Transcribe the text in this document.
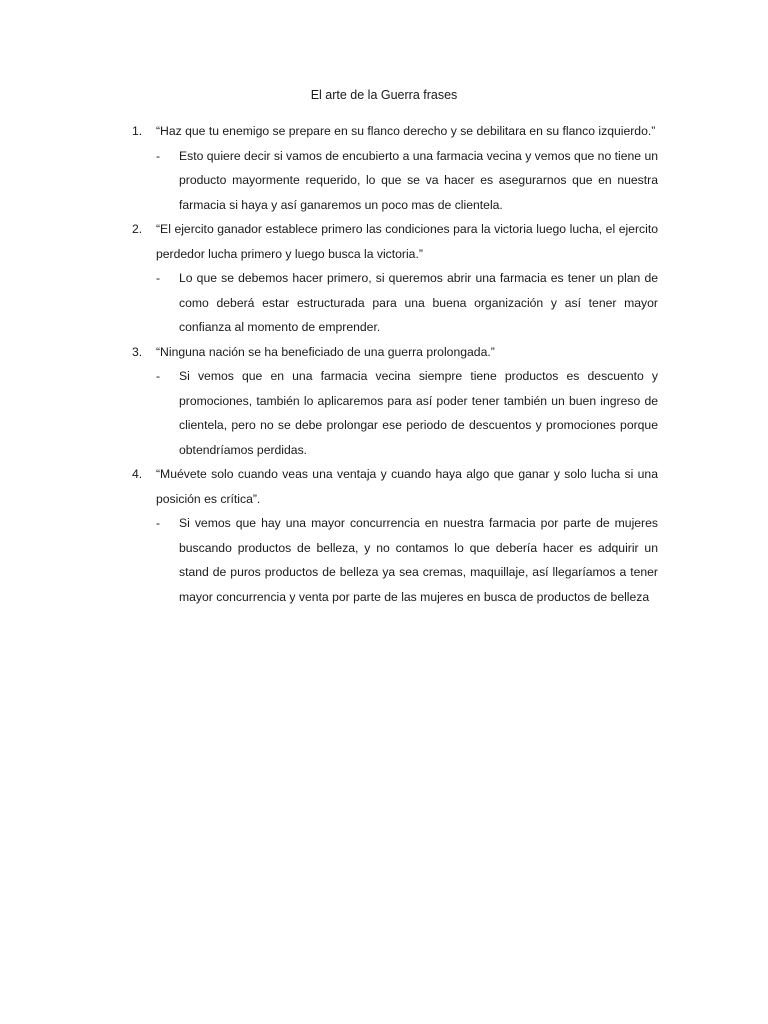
El arte de la Guerra frases
1.	“Haz que tu enemigo se prepare en su flanco derecho y se debilitara en su flanco izquierdo.”

-	Esto quiere decir si vamos de encubierto a una farmacia vecina y vemos que no tiene un producto mayormente requerido, lo que se va hacer es asegurarnos que en nuestra farmacia si haya y así ganaremos un poco mas de clientela.

2.	“El ejercito ganador establece primero las condiciones para la victoria luego lucha, el ejercito perdedor lucha primero y luego busca la victoria.”

-	Lo que se debemos hacer primero, si queremos abrir una farmacia es tener un plan de como deberá estar estructurada para una buena organización y así tener mayor confianza al momento de emprender.

3.	“Ninguna nación se ha beneficiado de una guerra prolongada.”

-	Si vemos que en una farmacia vecina siempre tiene productos es descuento y promociones, también lo aplicaremos para así poder tener también un buen ingreso de clientela, pero no se debe prolongar ese periodo de descuentos y promociones porque obtendríamos perdidas.

4.	“Muévete solo cuando veas una ventaja y cuando haya algo que ganar y solo lucha si una posición es crítica”.

-	Si vemos que hay una mayor concurrencia en nuestra farmacia por parte de mujeres buscando productos de belleza, y no contamos lo que debería hacer es adquirir un stand de puros productos de belleza ya sea cremas, maquillaje, así llegaríamos a tener mayor concurrencia y venta por parte de las mujeres en busca de productos de belleza
